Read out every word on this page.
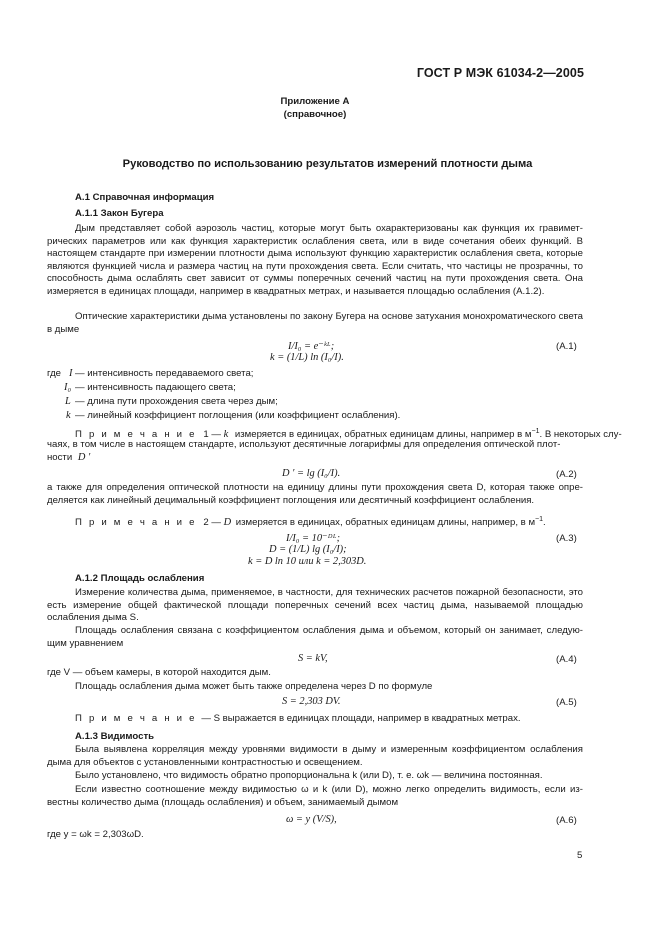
ГОСТ Р МЭК 61034-2—2005
Приложение А
(справочное)
Руководство по использованию результатов измерений плотности дыма
А.1 Справочная информация
А.1.1 Закон Бугера

Дым представляет собой аэрозоль частиц, которые могут быть охарактеризованы как функция их гравимет-

рических параметров или как функция характеристик ослабления света, или в виде сочетания обеих функций. В настоящем стандарте при измерении плотности дыма используют функцию характеристик ослабления света, которые являются функцией числа и размера частиц на пути прохождения света. Если считать, что частицы не прозрачны, то способность дыма ослаблять свет зависит от суммы поперечных сечений частиц на пути прохождения света. Она измеряется в единицах площади, например в квадратных метрах, и называется площадью ослабления (А.1.2).

Оптические характеристики дыма установлены по закону Бугера на основе затухания монохроматического света в дыме

I/I₀ = e⁻ᵏᴸ;
k = (1/L) ln (I₀/I).
(А.1)
где I — интенсивность передаваемого света;
I₀ — интенсивность падающего света;
L — длина пути прохождения света через дым;
k — линейный коэффициент поглощения (или коэффициент ослабления).
П р и м е ч а н и е 1 — k измеряется в единицах, обратных единицам длины, например в $м^{-1}$. В некоторых слу-
чаях, в том числе в настоящем стандарте, используют десятичные логарифмы для определения оптической плот-
ности D ′
D ′ = lg (I₀/I).	(А.2)

а также для определения оптической плотности на единицу длины пути прохождения света D, которая также опре-деляется как линейный децимальный коэффициент поглощения или десятичный коэффициент ослабления.

П р и м е ч а н и е 2 — D измеряется в единицах, обратных единицам длины, например, в $м^{-1}$.
I/I₀ = 10⁻ᴰᴸ;
D = (1/L) lg (I₀/I);
k = D ln 10 или k = 2,303D.
(А.3)
А.1.2 Площадь ослабления

Измерение количества дыма, применяемое, в частности, для технических расчетов пожарной безопасности, это есть измерение общей фактической площади поперечных сечений всех частиц дыма, называемой площадью ослабления дыма S.

Площадь ослабления связана с коэффициентом ослабления дыма и объемом, который он занимает, следую-щим уравнением

S = kV,	(А.4)
где V — объем камеры, в которой находится дым.
Площадь ослабления дыма может быть также определена через D по формуле
S = 2,303 DV.	(А.5)
П р и м е ч а н и е — S выражается в единицах площади, например в квадратных метрах.
А.1.3 Видимость

Была выявлена корреляция между уровнями видимости в дыму и измеренным коэффициентом ослабления дыма для объектов с установленными контрастностью и освещением.

Было установлено, что видимость обратно пропорциональна k (или D), т. е. ωk — величина постоянная.

Если известно соотношение между видимостью ω и k (или D), можно легко определить видимость, если из-вестны количество дыма (площадь ослабления) и объем, занимаемый дымом

ω = y (V/S),	(А.6)
где y = ωk = 2,303ωD.
5
